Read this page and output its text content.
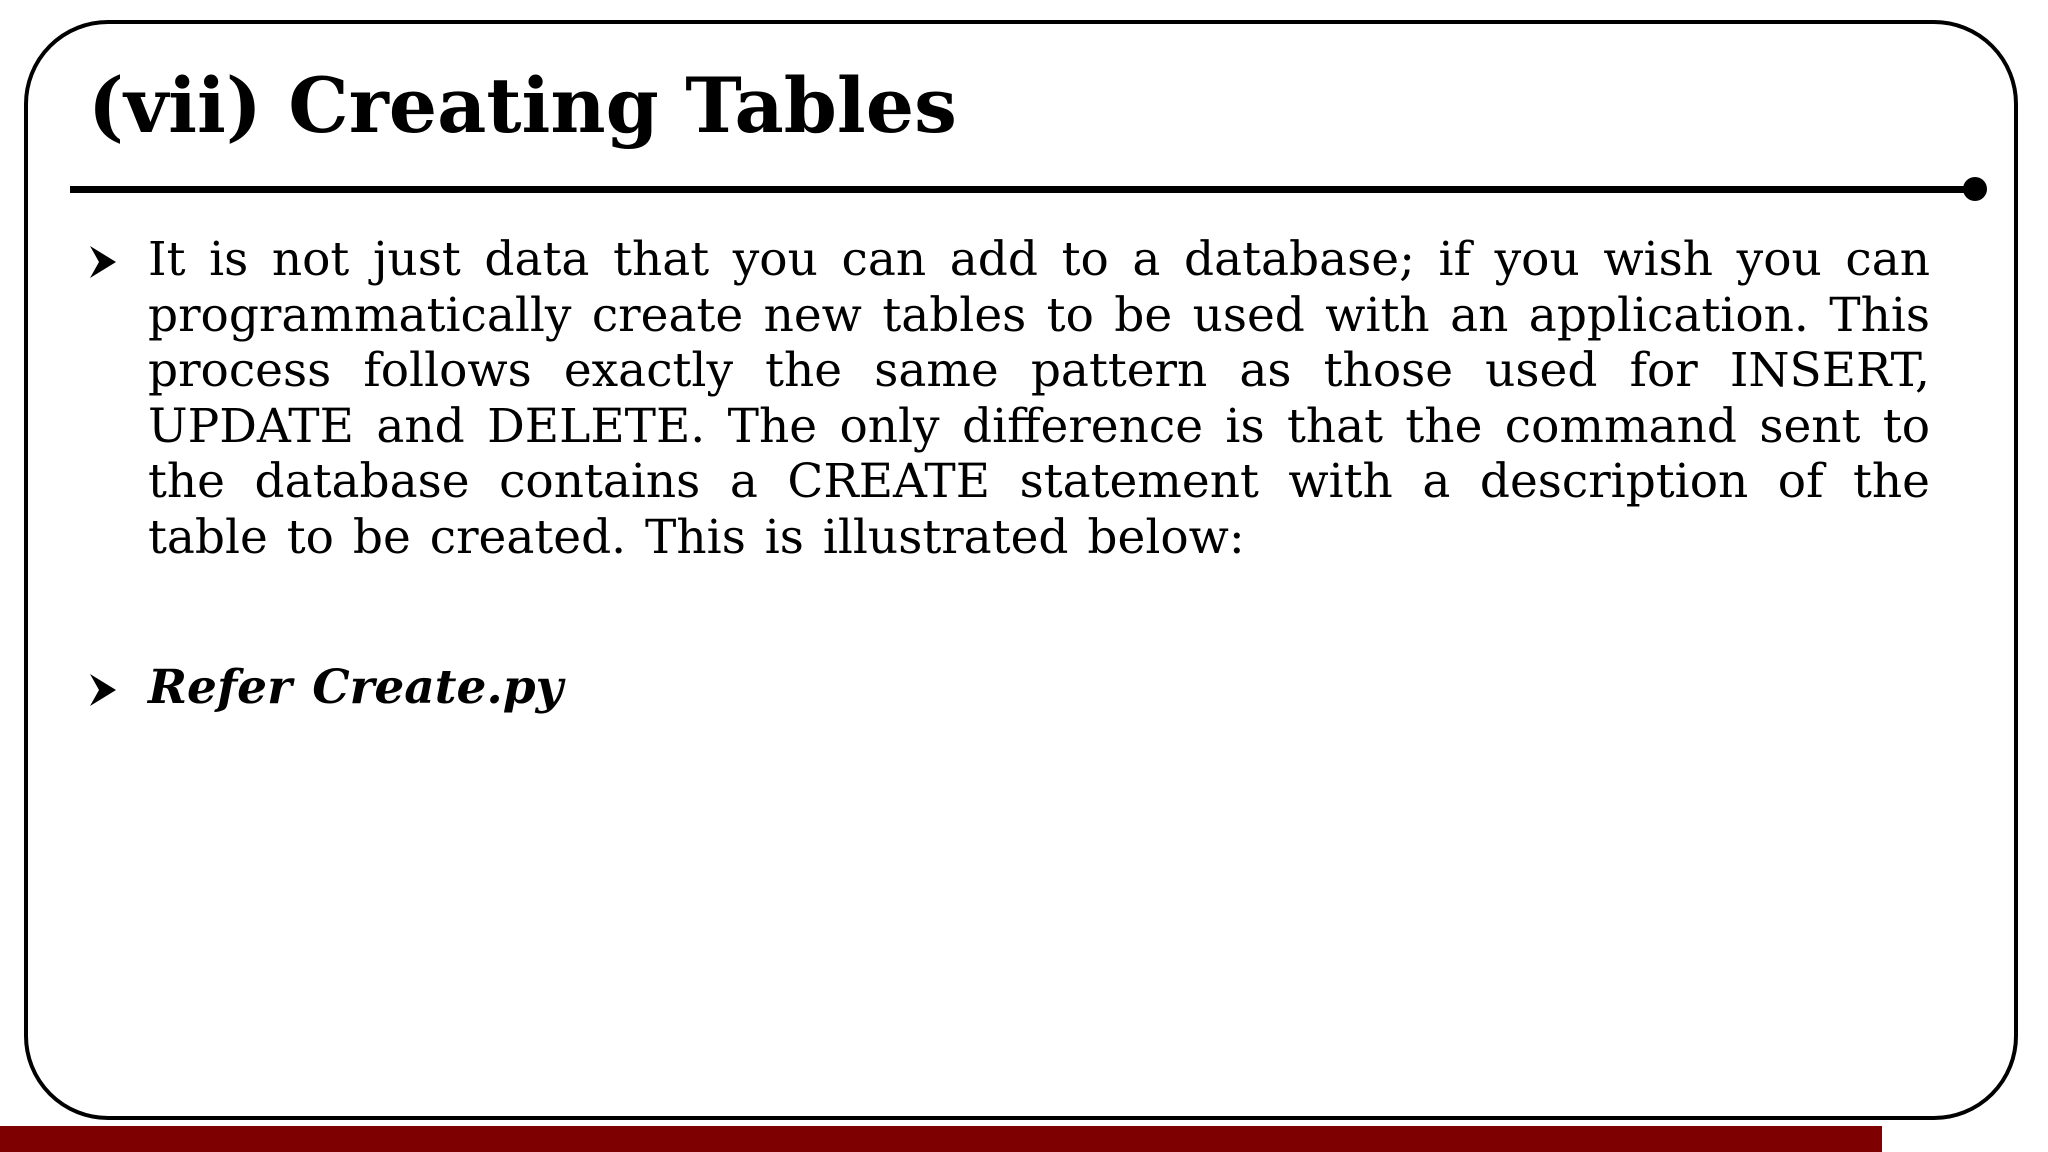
(vii) Creating Tables

It is not just data that you can add to a database; if you wish you can programmatically create new tables to be used with an application. This process follows exactly the same pattern as those used for INSERT, UPDATE and DELETE. The only difference is that the command sent to the database contains a CREATE statement with a description of the table to be created. This is illustrated below:

Refer Create.py
